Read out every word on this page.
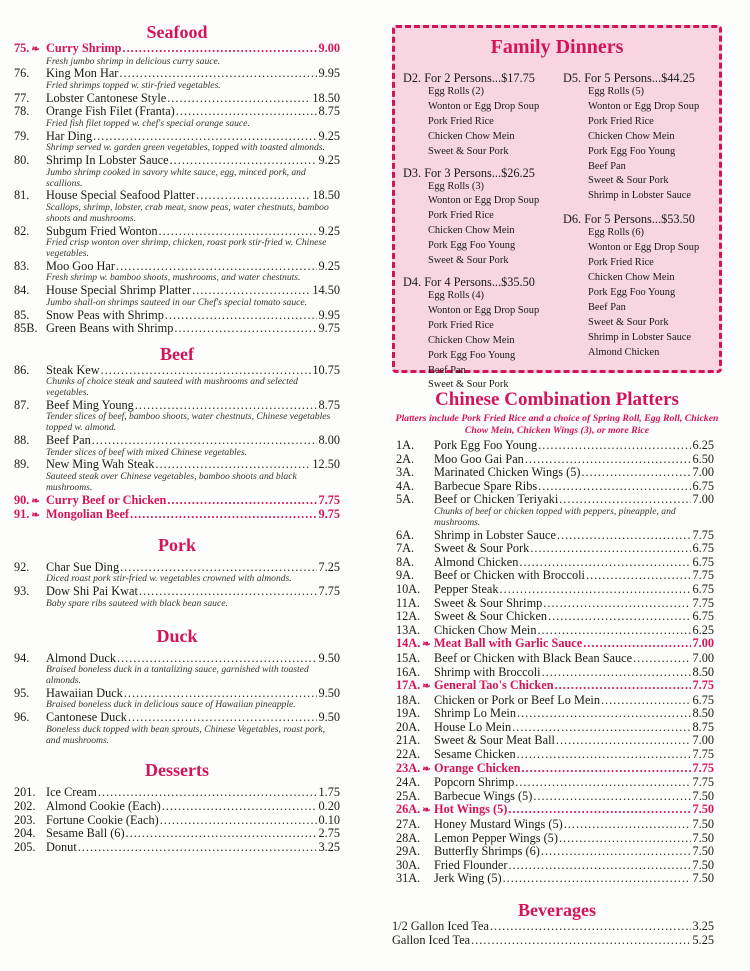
Seafood
75. ❧ Curry Shrimp .....	9.00
Fresh jumbo shrimp in delicious curry sauce.
76.	King Mon Har .....	9.95
Fried shrimps topped w. stir-fried vegetables.
77.	Lobster Cantonese Style .....	18.50
78.	Orange Fish Filet (Franta) .....	8.75
Fried fish filet topped w. chef's special orange sauce.
79.	Har Ding .....	9.25
Shrimp served w. garden green vegetables, topped with toasted almonds.
80.	Shrimp In Lobster Sauce .....	9.25
Jumbo shrimp cooked in savory white sauce, egg, minced pork, and scallions.
81.	House Special Seafood Platter .....	18.50
Scallops, shrimp, lobster, crab meat, snow peas, water chestnuts, bamboo shoots and mushrooms.
82.	Subgum Fried Wonton .....	9.25
Fried crisp wonton over shrimp, chicken, roast pork stir-fried w. Chinese vegetables.
83.	Moo Goo Har .....	9.25
Fresh shrimp w. bamboo shoots, mushrooms, and water chestnuts.
84.	House Special Shrimp Platter .....	14.50
Jumbo shall-on shrimps sauteed in our Chef's special tomato sauce.
85.	Snow Peas with Shrimp .....	9.95
85B. Green Beans with Shrimp .....	9.75
Beef
86.	Steak Kew .....	10.75
Chunks of choice steak and sauteed with mushrooms and selected vegetables.
87.	Beef Ming Young .....	8.75
Tender slices of beef, bamboo shoots, water chestnuts, Chinese vegetables topped w. almond.
88.	Beef Pan .....	8.00
Tender slices of beef with mixed Chinese vegetables.
89.	New Ming Wah Steak .....	12.50
Sauteed steak over Chinese vegetables, bamboo shoots and black mushrooms.
90. ❧ Curry Beef or Chicken .....	7.75
91. ❧ Mongolian Beef .....	9.75
Pork
92.	Char Sue Ding .....	7.25
Diced roast pork stir-fried w. vegetables crowned with almonds.
93.	Dow Shi Pai Kwat .....	7.75
Baby spare ribs sauteed with black bean sauce.
Duck
94.	Almond Duck .....	9.50
Braised boneless duck in a tantalizing sauce, garnished with toasted almonds.
95.	Hawaiian Duck .....	9.50
Braised boneless duck in delicious sauce of Hawaiian pineapple.
96.	Cantonese Duck .....	9.50
Boneless duck topped with bean sprouts, Chinese Vegetables, roast pork, and mushrooms.
Desserts
201. Ice Cream .....	1.75
202. Almond Cookie (Each) .....	0.20
203. Fortune Cookie (Each) .....	0.10
204. Sesame Ball (6) .....	2.75
205. Donut .....	3.25
Family Dinners
D2. For 2 Persons...$17.75
Egg Rolls (2)
Wonton or Egg Drop Soup
Pork Fried Rice
Chicken Chow Mein
Sweet & Sour Pork
D3. For 3 Persons...$26.25
Egg Rolls (3)
Wonton or Egg Drop Soup
Pork Fried Rice
Chicken Chow Mein
Pork Egg Foo Young
Sweet & Sour Pork
D4. For 4 Persons...$35.50
Egg Rolls (4)
Wonton or Egg Drop Soup
Pork Fried Rice
Chicken Chow Mein
Pork Egg Foo Young
Beef Pan
Sweet & Sour Pork
D5. For 5 Persons...$44.25
Egg Rolls (5)
Wonton or Egg Drop Soup
Pork Fried Rice
Chicken Chow Mein
Pork Egg Foo Young
Beef Pan
Sweet & Sour Pork
Shrimp in Lobster Sauce
D6. For 5 Persons...$53.50
Egg Rolls (6)
Wonton or Egg Drop Soup
Pork Fried Rice
Chicken Chow Mein
Pork Egg Foo Young
Beef Pan
Sweet & Sour Pork
Shrimp in Lobster Sauce
Almond Chicken
Chinese Combination Platters
Platters include Pork Fried Rice and a choice of Spring Roll, Egg Roll, Chicken Chow Mein, Chicken Wings (3), or more Rice
1A.	Pork Egg Foo Young .....	6.25
2A.	Moo Goo Gai Pan .....	6.50
3A.	Marinated Chicken Wings (5) .....	7.00
4A.	Barbecue Spare Ribs .....	6.75
5A.	Beef or Chicken Teriyaki .....	7.00
Chunks of beef or chicken topped with peppers, pineapple, and mushrooms.
6A.	Shrimp in Lobster Sauce .....	7.75
7A.	Sweet & Sour Pork .....	6.75
8A.	Almond Chicken .....	6.75
9A.	Beef or Chicken with Broccoli .....	7.75
10A.	Pepper Steak .....	6.75
11A.	Sweet & Sour Shrimp .....	7.75
12A.	Sweet & Sour Chicken .....	6.75
13A.	Chicken Chow Mein .....	6.25
14A. ❧ Meat Ball with Garlic Sauce .....	7.00
15A.	Beef or Chicken with Black Bean Sauce .....	7.00
16A.	Shrimp with Broccoli .....	8.50
17A. ❧ General Tao's Chicken .....	7.75
18A.	Chicken or Pork or Beef Lo Mein .....	6.75
19A.	Shrimp Lo Mein .....	8.50
20A.	House Lo Mein .....	8.75
21A.	Sweet & Sour Meat Ball .....	7.00
22A.	Sesame Chicken .....	7.75
23A. ❧ Orange Chicken .....	7.75
24A.	Popcorn Shrimp .....	7.75
25A.	Barbecue Wings (5) .....	7.50
26A. ❧ Hot Wings (5) .....	7.50
27A.	Honey Mustard Wings (5) .....	7.50
28A.	Lemon Pepper Wings (5) .....	7.50
29A.	Butterfly Shrimps (6) .....	7.50
30A.	Fried Flounder .....	7.50
31A.	Jerk Wing (5) .....	7.50
Beverages
1/2 Gallon Iced Tea .....	3.25
Gallon Iced Tea .....	5.25
